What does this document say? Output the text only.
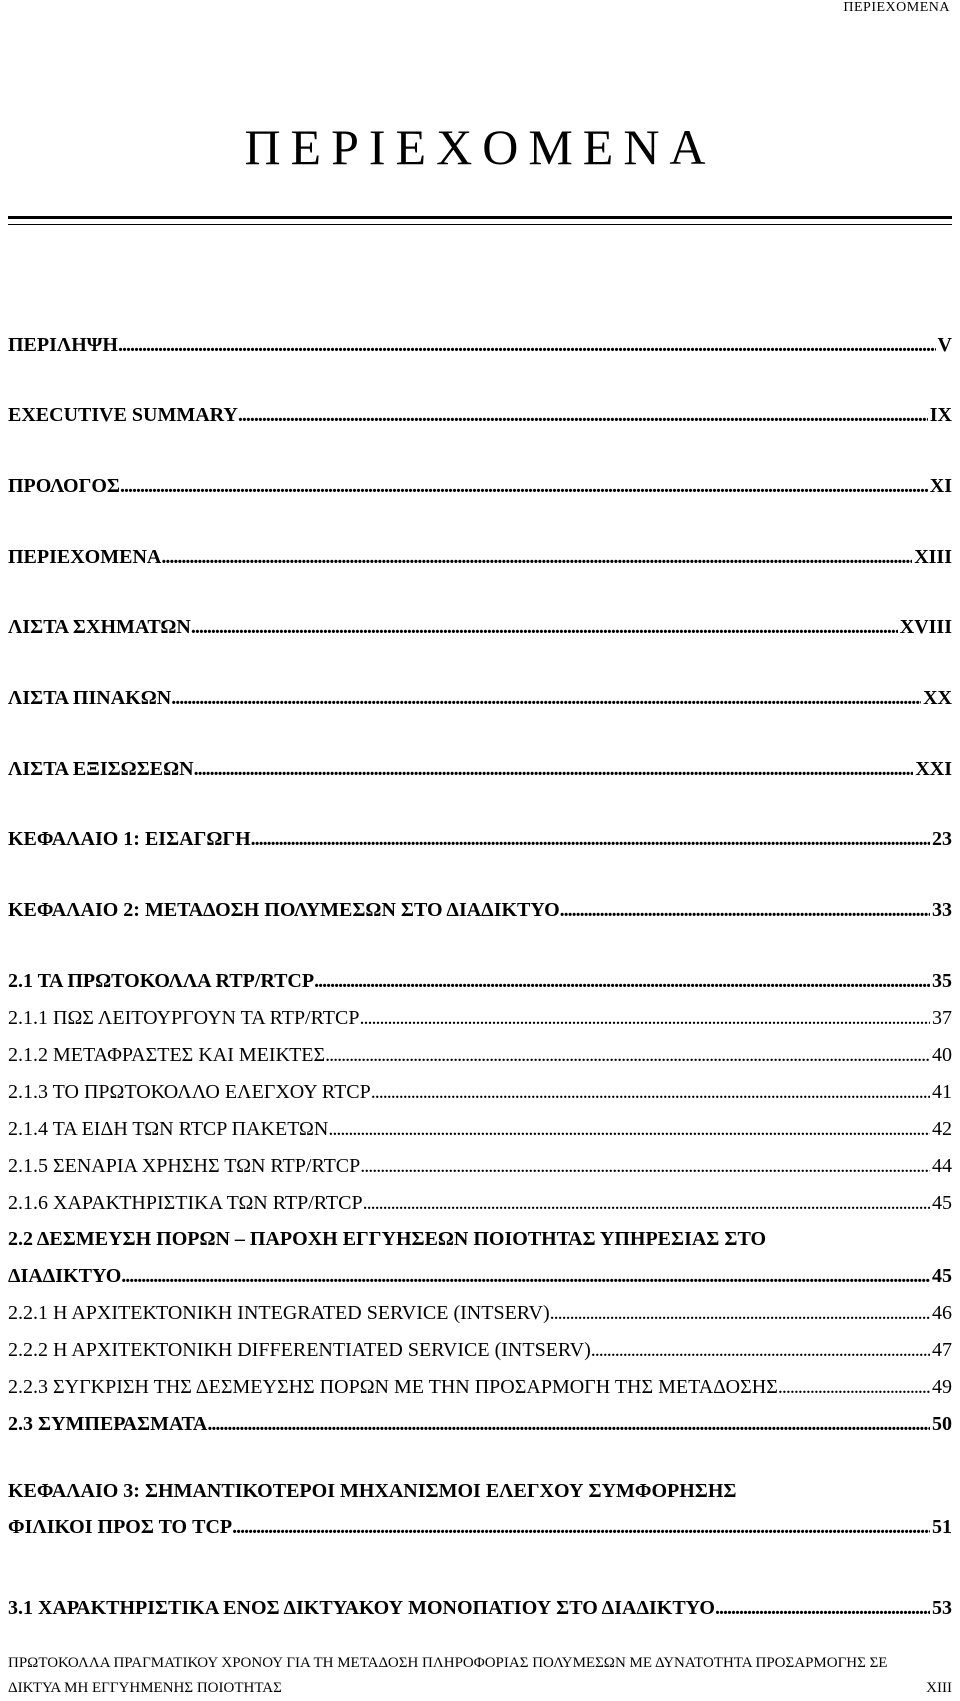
ΠΕΡΙΕΧΟΜΕΝΑ
ΠΕΡΙΕΧΟΜΕΝΑ
ΠΕΡΙΛΗΨΗ . . .	V
EXECUTIVE SUMMARY . . .	IX
ΠΡΟΛΟΓΟΣ . . .	XI
ΠΕΡΙΕΧΟΜΕΝΑ . . .	XIII
ΛΙΣΤΑ ΣΧΗΜΑΤΩΝ . . .	XVIII
ΛΙΣΤΑ ΠΙΝΑΚΩΝ . . .	XX
ΛΙΣΤΑ ΕΞΙΣΩΣΕΩΝ . . .	XXI
ΚΕΦΑΛΑΙΟ 1: ΕΙΣΑΓΩΓΗ . . .	23
ΚΕΦΑΛΑΙΟ 2: ΜΕΤΑΔΟΣΗ ΠΟΛΥΜΕΣΩΝ ΣΤΟ ΔΙΑΔΙΚΤΥΟ . . .	33
2.1 ΤΑ ΠΡΩΤΟΚΟΛΛΑ RTP/RTCP . . .	35
2.1.1 ΠΩΣ ΛΕΙΤΟΥΡΓΟΥΝ ΤΑ RTP/RTCP . . .	37
2.1.2 ΜΕΤΑΦΡΑΣΤΕΣ ΚΑΙ ΜΕΙΚΤΕΣ . . .	40
2.1.3 ΤΟ ΠΡΩΤΟΚΟΛΛΟ ΕΛΕΓΧΟΥ RTCP . . .	41
2.1.4 ΤΑ ΕΙΔΗ ΤΩΝ RTCP ΠΑΚΕΤΩΝ . . .	42
2.1.5 ΣΕΝΑΡΙΑ ΧΡΗΣΗΣ ΤΩΝ RTP/RTCP . . .	44
2.1.6 ΧΑΡΑΚΤΗΡΙΣΤΙΚΑ ΤΩΝ RTP/RTCP . . .	45
2.2 ΔΕΣΜΕΥΣΗ ΠΟΡΩΝ – ΠΑΡΟΧΗ ΕΓΓΥΗΣΕΩΝ ΠΟΙΟΤΗΤΑΣ ΥΠΗΡΕΣΙΑΣ ΣΤΟ
ΔΙΑΔΙΚΤΥΟ . . .	45
2.2.1 Η ΑΡΧΙΤΕΚΤΟΝΙΚΗ INTEGRATED SERVICE (INTSERV) . . .	46
2.2.2 Η ΑΡΧΙΤΕΚΤΟΝΙΚΗ DIFFERENTIATED SERVICE (INTSERV) . . .	47
2.2.3 ΣΥΓΚΡΙΣΗ ΤΗΣ ΔΕΣΜΕΥΣΗΣ ΠΟΡΩΝ ΜΕ ΤΗΝ ΠΡΟΣΑΡΜΟΓΗ ΤΗΣ ΜΕΤΑΔΟΣΗΣ . . .	49
2.3 ΣΥΜΠΕΡΑΣΜΑΤΑ . . .	50
ΚΕΦΑΛΑΙΟ 3: ΣΗΜΑΝΤΙΚΟΤΕΡΟΙ ΜΗΧΑΝΙΣΜΟΙ ΕΛΕΓΧΟΥ ΣΥΜΦΟΡΗΣΗΣ
ΦΙΛΙΚΟΙ ΠΡΟΣ ΤΟ TCP . . .	51
3.1 ΧΑΡΑΚΤΗΡΙΣΤΙΚΑ ΕΝΟΣ ΔΙΚΤΥΑΚΟΥ ΜΟΝΟΠΑΤΙΟΥ ΣΤΟ ΔΙΑΔΙΚΤΥΟ . . .	53
ΠΡΩΤΟΚΟΛΛΑ ΠΡΑΓΜΑΤΙΚΟΥ ΧΡΟΝΟΥ ΓΙΑ ΤΗ ΜΕΤΑΔΟΣΗ ΠΛΗΡΟΦΟΡΙΑΣ ΠΟΛΥΜΕΣΩΝ ΜΕ ΔΥΝΑΤΟΤΗΤΑ ΠΡΟΣΑΡΜΟΓΗΣ ΣΕ
ΔΙΚΤΥΑ ΜΗ ΕΓΓΥΗΜΕΝΗΣ ΠΟΙΟΤΗΤΑΣ	XIII
